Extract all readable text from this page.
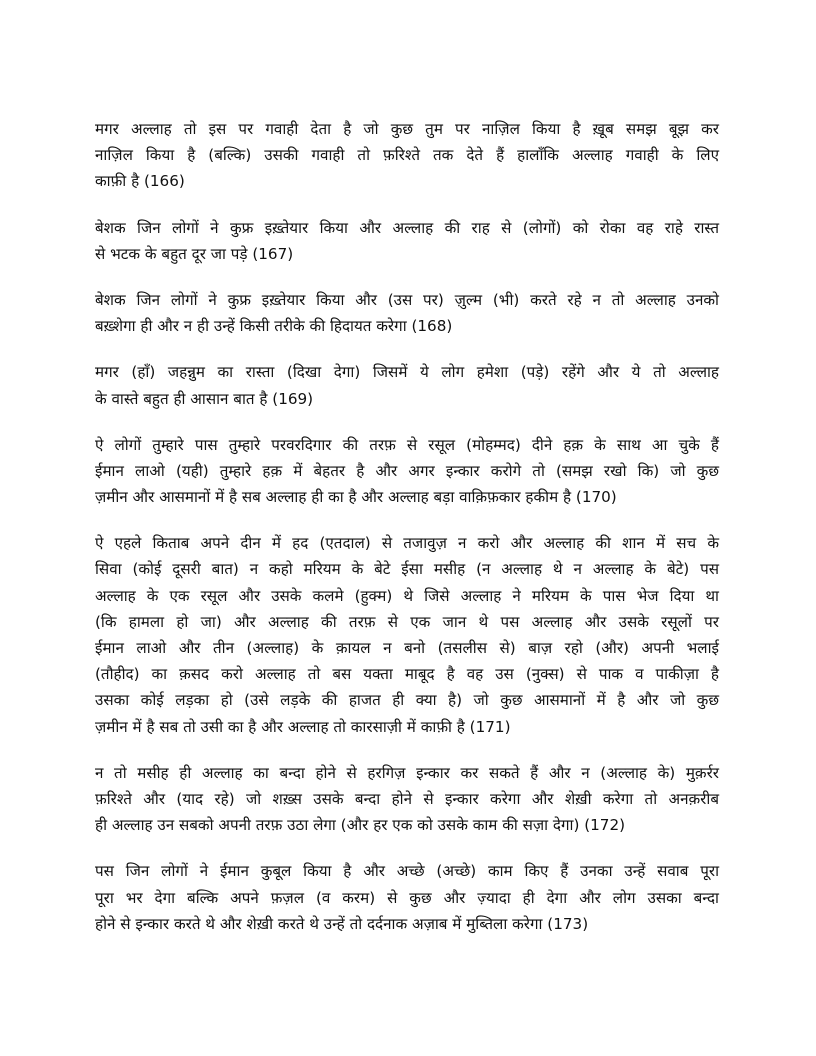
मगर अल्लाह तो इस पर गवाही देता है जो कुछ तुम पर नाज़िल किया है ख़ूब समझ बूझ कर
नाज़िल किया है (बल्कि) उसकी गवाही तो फ़रिश्ते तक देते हैं हालाँकि अल्लाह गवाही के लिए
काफ़ी है (166)
बेशक जिन लोगों ने कुफ्र इख़्तेयार किया और अल्लाह की राह से (लोगों) को रोका वह राहे रास्त
से भटक के बहुत दूर जा पड़े (167)
बेशक जिन लोगों ने कुफ्र इख़्तेयार किया और (उस पर) ज़ुल्म (भी) करते रहे न तो अल्लाह उनको
बख़्शेगा ही और न ही उन्हें किसी तरीके की हिदायत करेगा (168)
मगर (हाँ) जहन्नुम का रास्ता (दिखा देगा) जिसमें ये लोग हमेशा (पड़े) रहेंगे और ये तो अल्लाह
के वास्ते बहुत ही आसान बात है (169)
ऐ लोगों तुम्हारे पास तुम्हारे परवरदिगार की तरफ़ से रसूल (मोहम्मद) दीने हक़ के साथ आ चुके हैं
ईमान लाओ (यही) तुम्हारे हक़ में बेहतर है और अगर इन्कार करोगे तो (समझ रखो कि) जो कुछ
ज़मीन और आसमानों में है सब अल्लाह ही का है और अल्लाह बड़ा वाक़िफ़कार हकीम है (170)
ऐ एहले किताब अपने दीन में हद (एतदाल) से तजावुज़ न करो और अल्लाह की शान में सच के
सिवा (कोई दूसरी बात) न कहो मरियम के बेटे ईसा मसीह (न अल्लाह थे न अल्लाह के बेटे) पस
अल्लाह के एक रसूल और उसके कलमे (हुक्म) थे जिसे अल्लाह ने मरियम के पास भेज दिया था
(कि हामला हो जा) और अल्लाह की तरफ़ से एक जान थे पस अल्लाह और उसके रसूलों पर
ईमान लाओ और तीन (अल्लाह) के क़ायल न बनो (तसलीस से) बाज़ रहो (और) अपनी भलाई
(तौहीद) का क़सद करो अल्लाह तो बस यक्ता माबूद है वह उस (नुक्स) से पाक व पाकीज़ा है
उसका कोई लड़का हो (उसे लड़के की हाजत ही क्या है) जो कुछ आसमानों में है और जो कुछ
ज़मीन में है सब तो उसी का है और अल्लाह तो कारसाज़ी में काफ़ी है (171)
न तो मसीह ही अल्लाह का बन्दा होने से हरगिज़ इन्कार कर सकते हैं और न (अल्लाह के) मुक़र्रर
फ़रिश्ते और (याद रहे) जो शख़्स उसके बन्दा होने से इन्कार करेगा और शेख़ी करेगा तो अनक़रीब
ही अल्लाह उन सबको अपनी तरफ़ उठा लेगा (और हर एक को उसके काम की सज़ा देगा) (172)
पस जिन लोगों ने ईमान कुबूल किया है और अच्छे (अच्छे) काम किए हैं उनका उन्हें सवाब पूरा
पूरा भर देगा बल्कि अपने फ़ज़ल (व करम) से कुछ और ज़्यादा ही देगा और लोग उसका बन्दा
होने से इन्कार करते थे और शेख़ी करते थे उन्हें तो दर्दनाक अज़ाब में मुब्तिला करेगा (173)
